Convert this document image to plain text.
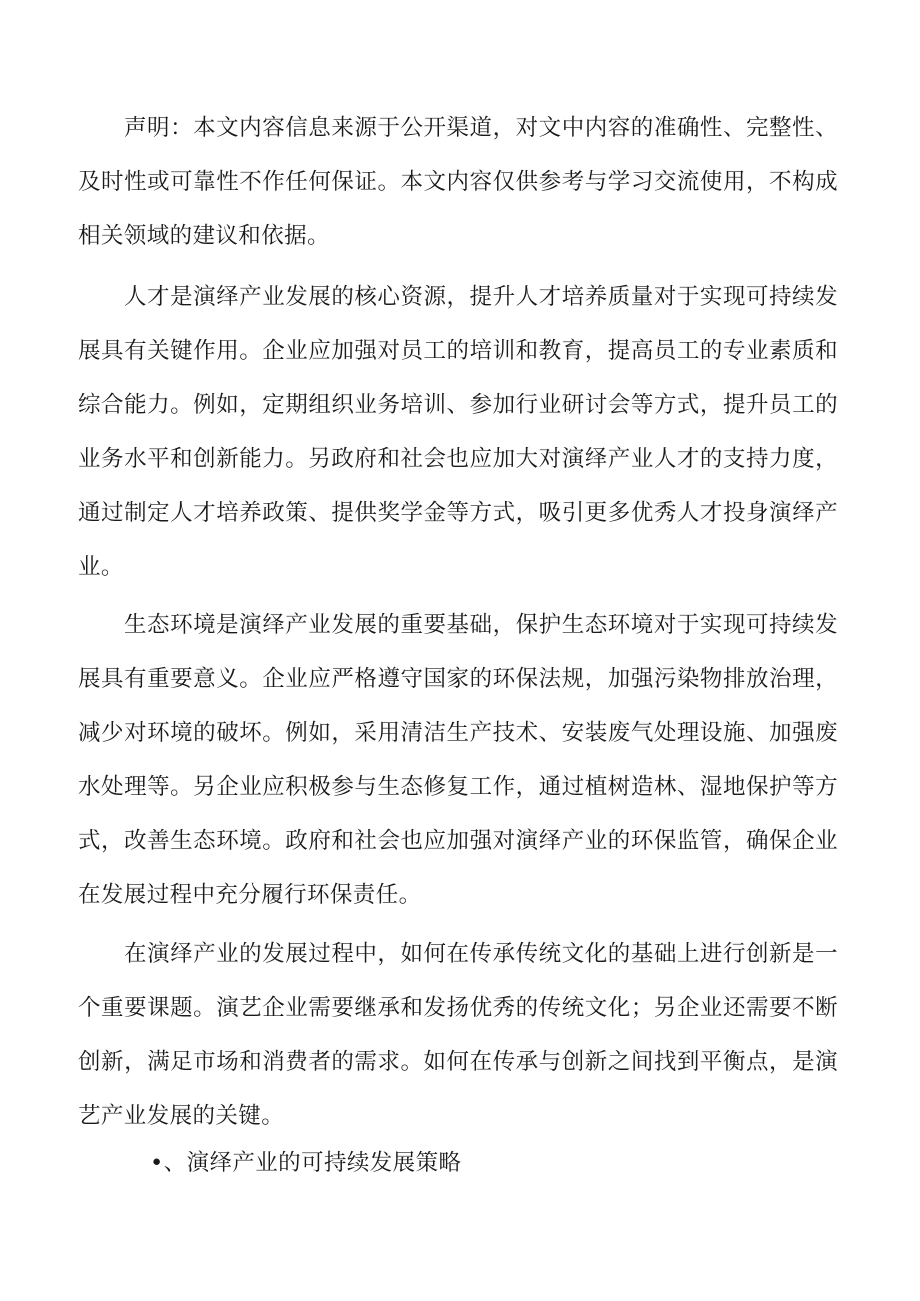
声明：本文内容信息来源于公开渠道，对文中内容的准确性、完整性、及时性或可靠性不作任何保证。本文内容仅供参考与学习交流使用，不构成相关领域的建议和依据。

人才是演绎产业发展的核心资源，提升人才培养质量对于实现可持续发展具有关键作用。企业应加强对员工的培训和教育，提高员工的专业素质和综合能力。例如，定期组织业务培训、参加行业研讨会等方式，提升员工的业务水平和创新能力。另政府和社会也应加大对演绎产业人才的支持力度，通过制定人才培养政策、提供奖学金等方式，吸引更多优秀人才投身演绎产业。

生态环境是演绎产业发展的重要基础，保护生态环境对于实现可持续发展具有重要意义。企业应严格遵守国家的环保法规，加强污染物排放治理，减少对环境的破坏。例如，采用清洁生产技术、安装废气处理设施、加强废水处理等。另企业应积极参与生态修复工作，通过植树造林、湿地保护等方式，改善生态环境。政府和社会也应加强对演绎产业的环保监管，确保企业在发展过程中充分履行环保责任。

在演绎产业的发展过程中，如何在传承传统文化的基础上进行创新是一个重要课题。演艺企业需要继承和发扬优秀的传统文化；另企业还需要不断创新，满足市场和消费者的需求。如何在传承与创新之间找到平衡点，是演艺产业发展的关键。

•、演绎产业的可持续发展策略
